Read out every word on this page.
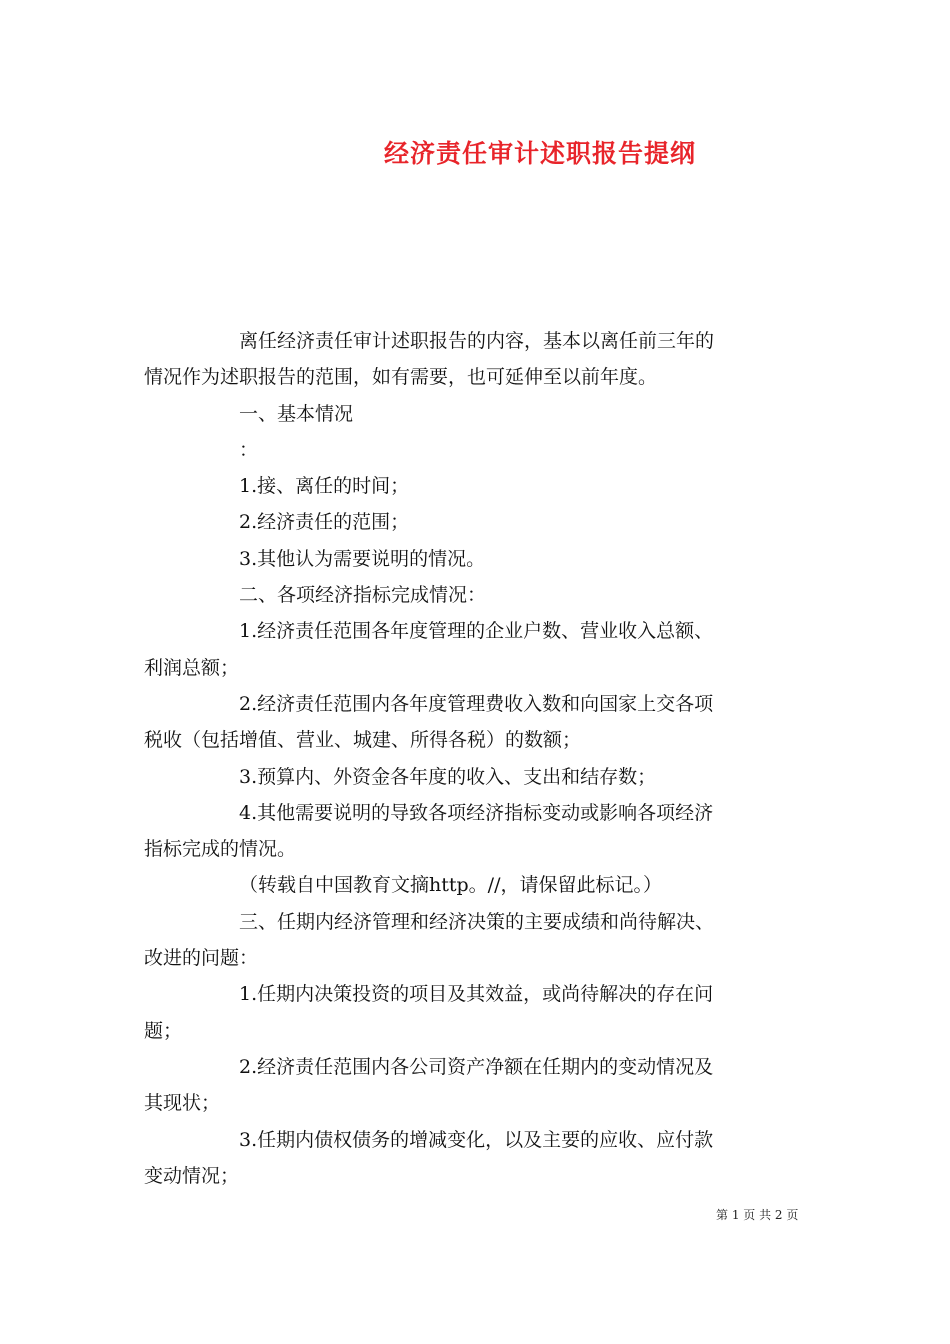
经济责任审计述职报告提纲
离任经济责任审计述职报告的内容，基本以离任前三年的
情况作为述职报告的范围，如有需要，也可延伸至以前年度。
一、基本情况
：
1.接、离任的时间；
2.经济责任的范围；
3.其他认为需要说明的情况。
二、各项经济指标完成情况：
1.经济责任范围各年度管理的企业户数、营业收入总额、
利润总额；
2.经济责任范围内各年度管理费收入数和向国家上交各项
税收（包括增值、营业、城建、所得各税）的数额；
3.预算内、外资金各年度的收入、支出和结存数；
4.其他需要说明的导致各项经济指标变动或影响各项经济
指标完成的情况。
（转载自中国教育文摘http。//，请保留此标记。）
三、任期内经济管理和经济决策的主要成绩和尚待解决、
改进的问题：
1.任期内决策投资的项目及其效益，或尚待解决的存在问
题；
2.经济责任范围内各公司资产净额在任期内的变动情况及
其现状；
3.任期内债权债务的增减变化，以及主要的应收、应付款
变动情况；
第 1 页 共 2 页
